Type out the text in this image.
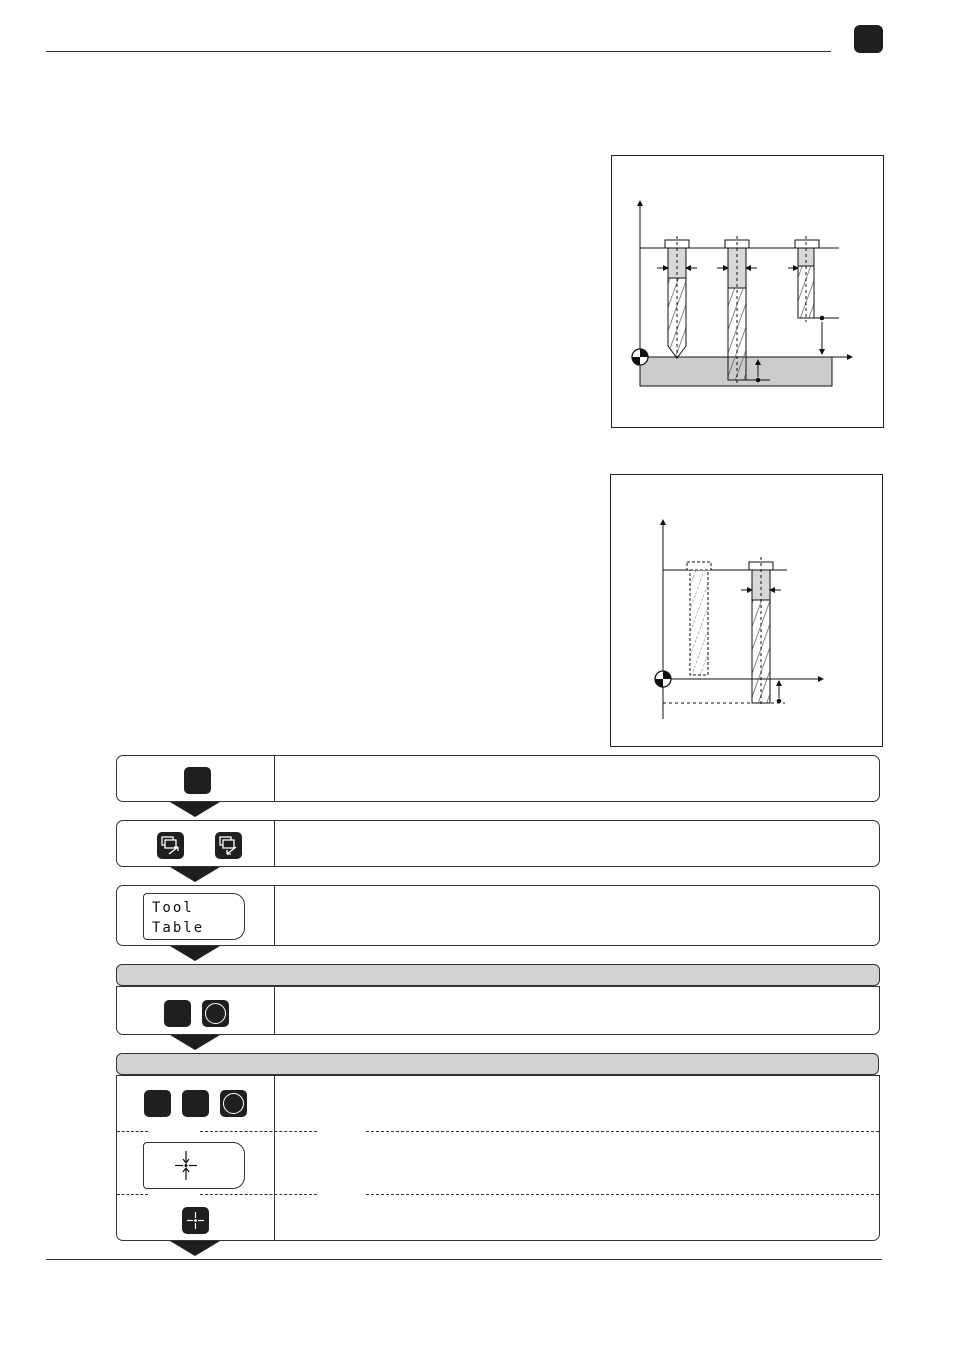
Tool
Table
